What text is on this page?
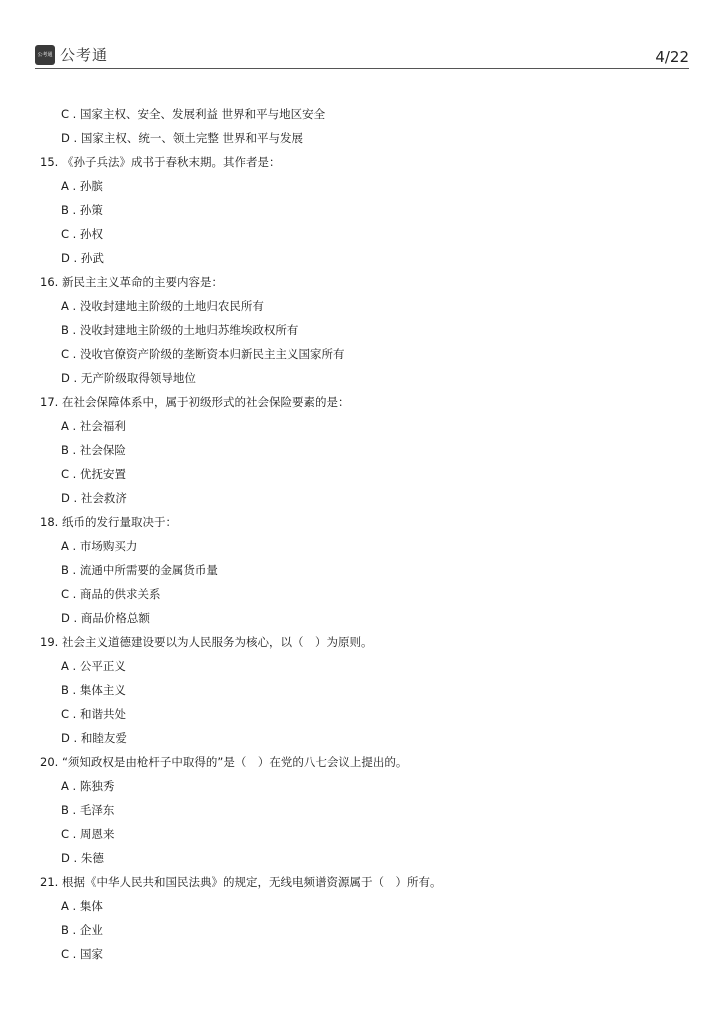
公考通 公考通	4/22
C . 国家主权、安全、发展利益 世界和平与地区安全
D . 国家主权、统一、领土完整 世界和平与发展
15. 《孙子兵法》成书于春秋末期。其作者是：
A . 孙膑
B . 孙策
C . 孙权
D . 孙武
16. 新民主主义革命的主要内容是：
A . 没收封建地主阶级的土地归农民所有
B . 没收封建地主阶级的土地归苏维埃政权所有
C . 没收官僚资产阶级的垄断资本归新民主主义国家所有
D . 无产阶级取得领导地位
17. 在社会保障体系中，属于初级形式的社会保险要素的是：
A . 社会福利
B . 社会保险
C . 优抚安置
D . 社会救济
18. 纸币的发行量取决于：
A . 市场购买力
B . 流通中所需要的金属货币量
C . 商品的供求关系
D . 商品价格总额
19. 社会主义道德建设要以为人民服务为核心，以（　）为原则。
A . 公平正义
B . 集体主义
C . 和谐共处
D . 和睦友爱
20. “须知政权是由枪杆子中取得的”是（　）在党的八七会议上提出的。
A . 陈独秀
B . 毛泽东
C . 周恩来
D . 朱德
21. 根据《中华人民共和国民法典》的规定，无线电频谱资源属于（　）所有。
A . 集体
B . 企业
C . 国家
